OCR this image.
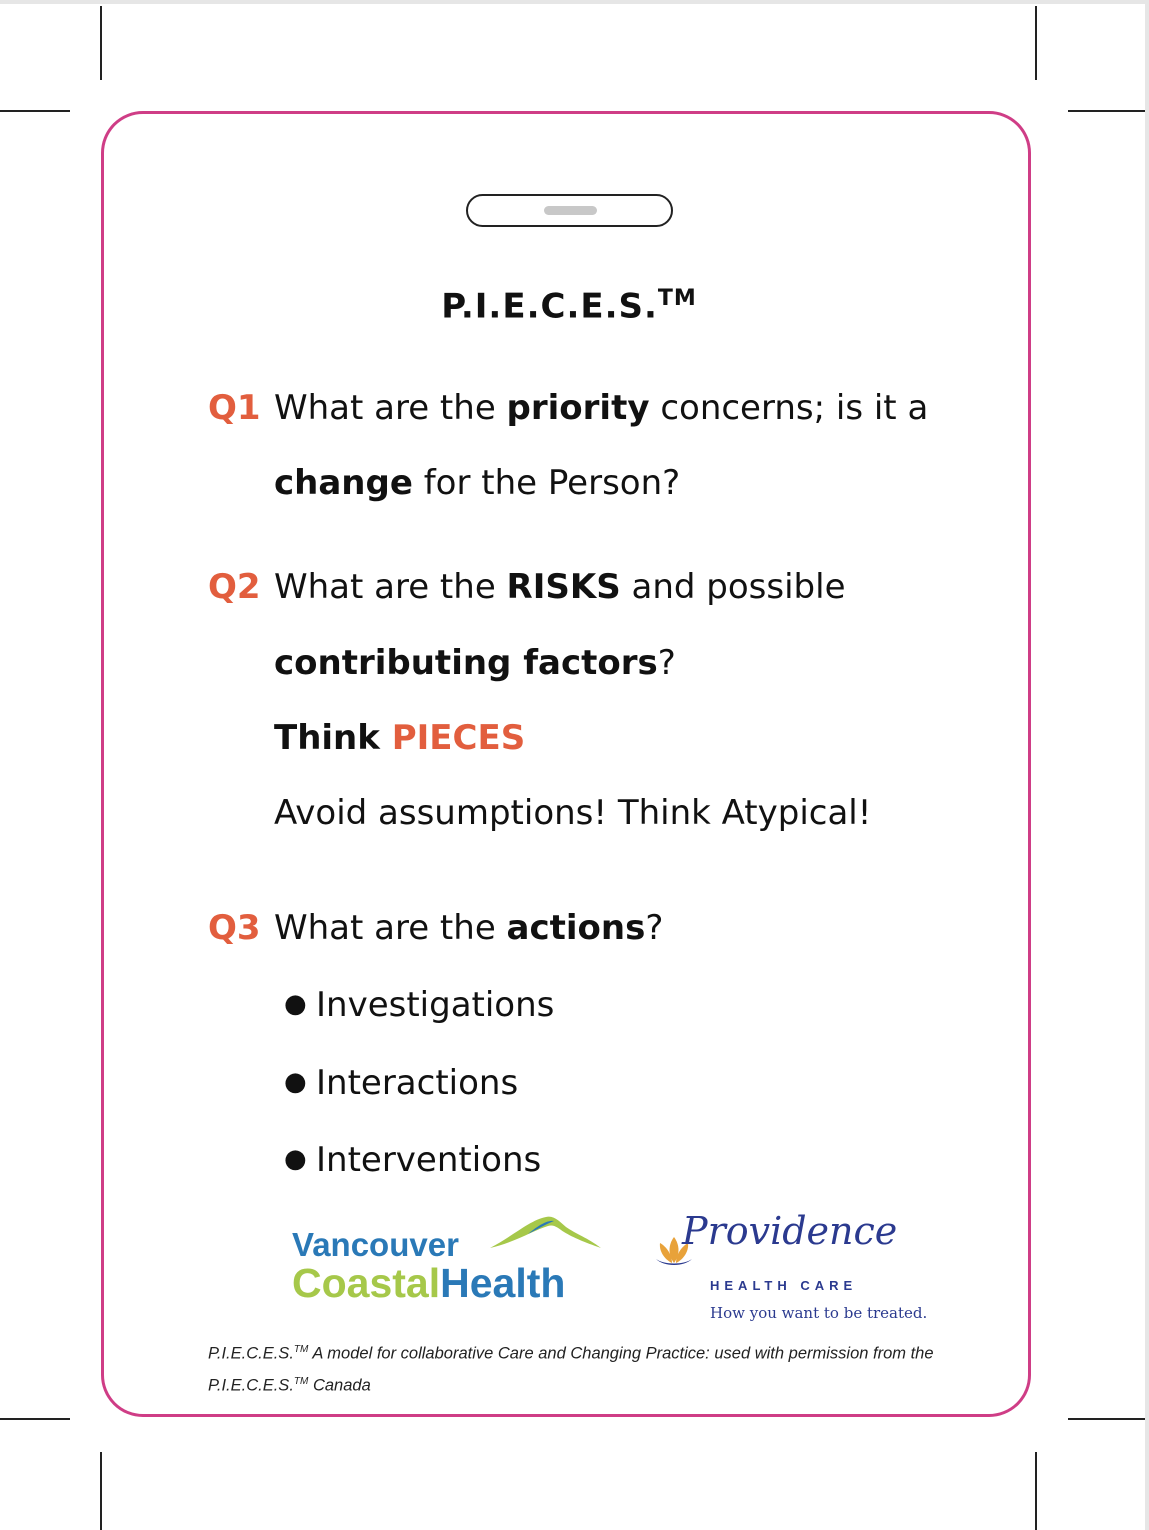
P.I.E.C.E.S.™
Q1 What are the priority concerns; is it a
change for the Person?
Q2 What are the RISKS and possible
contributing factors?
Think PIECES
Avoid assumptions! Think Atypical!
Q3 What are the actions?
● Investigations
● Interactions
● Interventions
Vancouver
CoastalHealth
Providence
HEALTH CARE
How you want to be treated.
P.I.E.C.E.S.™ A model for collaborative Care and Changing Practice: used with permission from the P.I.E.C.E.S.™ Canada
